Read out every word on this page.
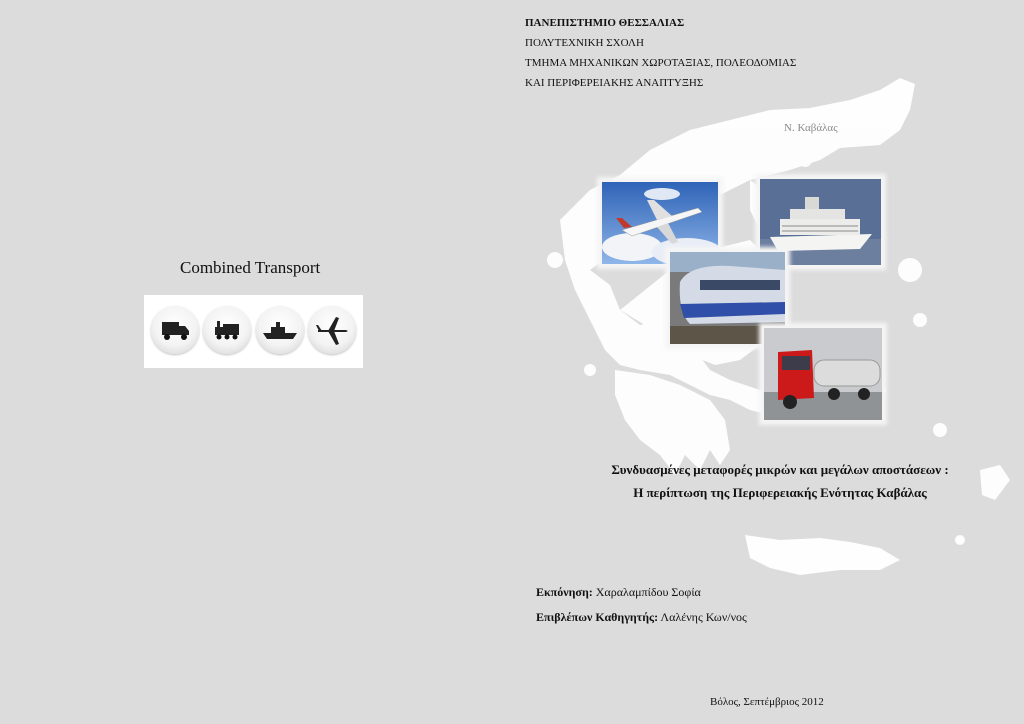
ΠΑΝΕΠΙΣΤΗΜΙΟ ΘΕΣΣΑΛΙΑΣ
ΠΟΛΥΤΕΧΝΙΚΗ ΣΧΟΛΗ
ΤΜΗΜΑ ΜΗΧΑΝΙΚΩΝ ΧΩΡΟΤΑΞΙΑΣ, ΠΟΛΕΟΔΟΜΙΑΣ
ΚΑΙ ΠΕΡΙΦΕΡΕΙΑΚΗΣ ΑΝΑΠΤΥΞΗΣ
Ν. Καβάλας
Combined Transport
Συνδυασμένες μεταφορές μικρών και μεγάλων αποστάσεων :
Η περίπτωση της Περιφερειακής Ενότητας Καβάλας
Εκπόνηση: Χαραλαμπίδου Σοφία
Επιβλέπων Καθηγητής: Λαλένης Κων/νος
Βόλος, Σεπτέμβριος 2012
